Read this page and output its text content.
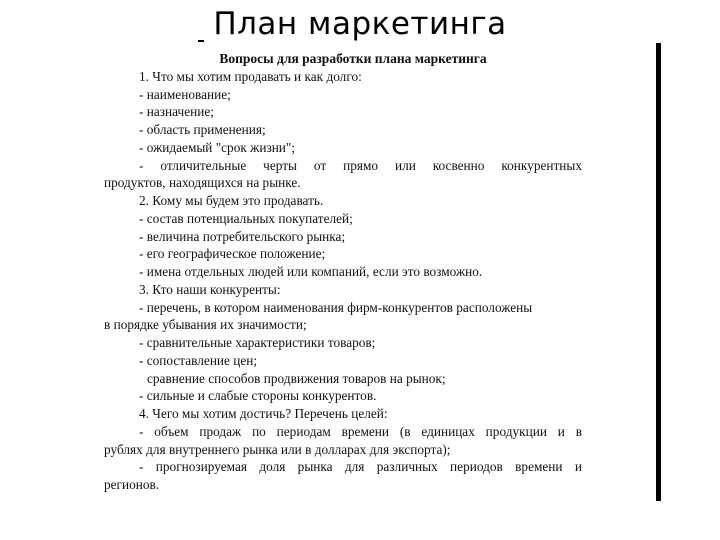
План маркетинга
Вопросы для разработки плана маркетинга
1. Что мы хотим продавать и как долго:
- наименование;
- назначение;
- область применения;
- ожидаемый "срок жизни";
- отличительные черты от прямо или косвенно конкурентных
продуктов, находящихся на рынке.
2. Кому мы будем это продавать.
- состав потенциальных покупателей;
- величина потребительского рынка;
- его географическое положение;
- имена отдельных людей или компаний, если это возможно.
3. Кто наши конкуренты:
- перечень, в котором наименования фирм-конкурентов расположены
в порядке убывания их значимости;
- сравнительные характеристики товаров;
- сопоставление цен;
сравнение способов продвижения товаров на рынок;
- сильные и слабые стороны конкурентов.
4. Чего мы хотим достичь? Перечень целей:
- объем продаж по периодам времени (в единицах продукции и в
рублях для внутреннего рынка или в долларах для экспорта);
- прогнозируемая доля рынка для различных периодов времени и
регионов.
